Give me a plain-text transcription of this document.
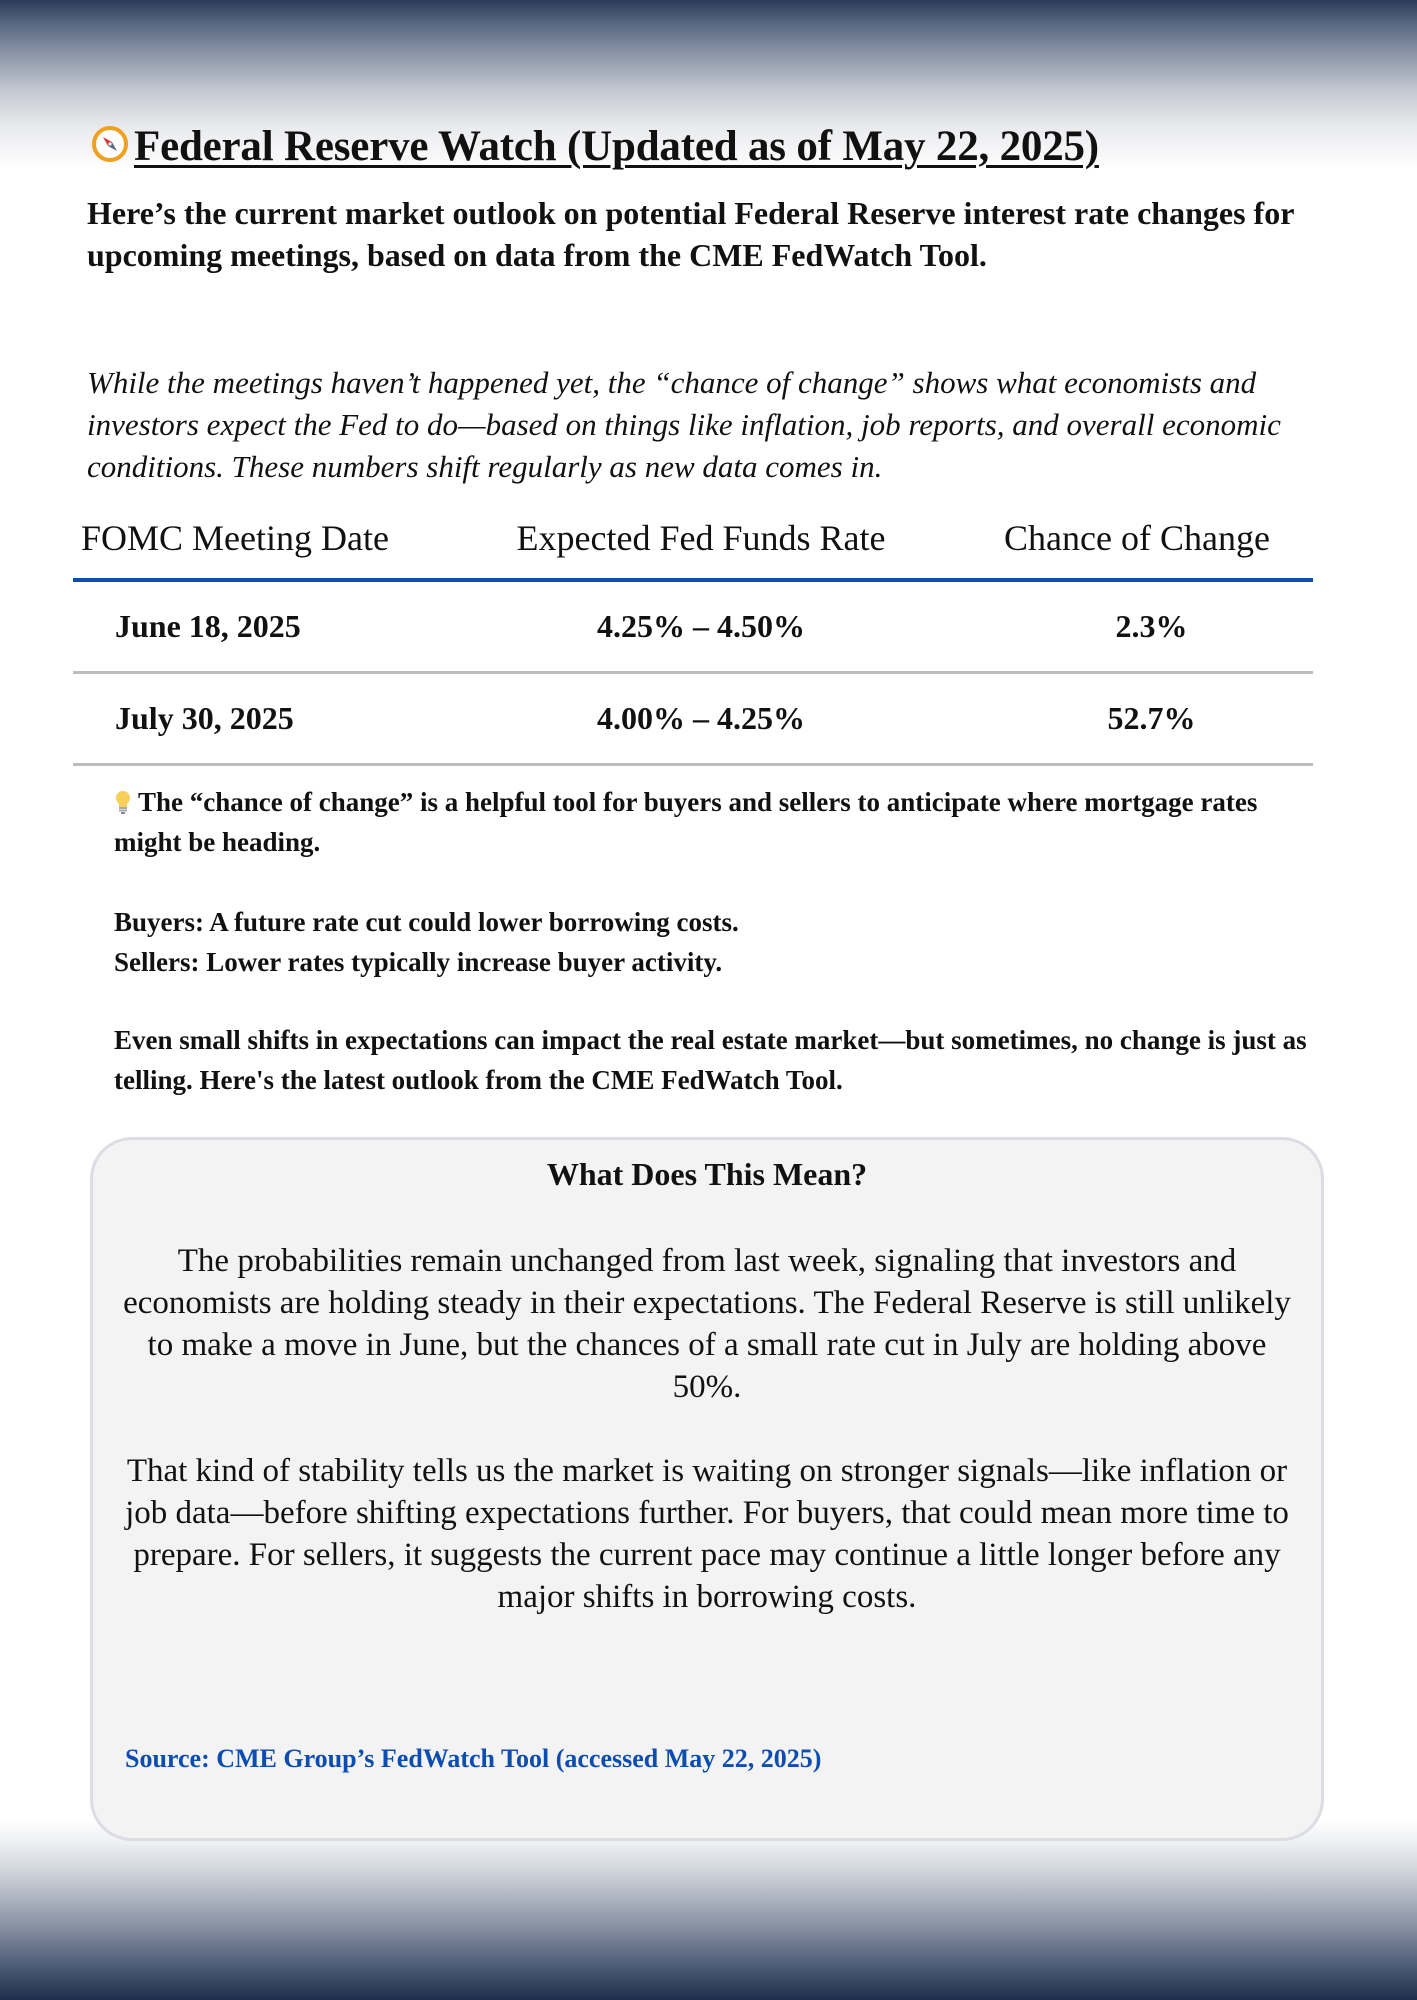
Federal Reserve Watch (Updated as of May 22, 2025)
Here’s the current market outlook on potential Federal Reserve interest rate changes for upcoming meetings, based on data from the CME FedWatch Tool.
While the meetings haven’t happened yet, the “chance of change” shows what economists and investors expect the Fed to do—based on things like inflation, job reports, and overall economic conditions. These numbers shift regularly as new data comes in.
FOMC Meeting Date	Expected Fed Funds Rate	Chance of Change
June 18, 2025	4.25% – 4.50%	2.3%
July 30, 2025	4.00% – 4.25%	52.7%
The “chance of change” is a helpful tool for buyers and sellers to anticipate where mortgage rates might be heading.
Buyers: A future rate cut could lower borrowing costs.
Sellers: Lower rates typically increase buyer activity.
Even small shifts in expectations can impact the real estate market—but sometimes, no change is just as telling. Here's the latest outlook from the CME FedWatch Tool.
What Does This Mean?
The probabilities remain unchanged from last week, signaling that investors and economists are holding steady in their expectations. The Federal Reserve is still unlikely to make a move in June, but the chances of a small rate cut in July are holding above 50%.
That kind of stability tells us the market is waiting on stronger signals—like inflation or job data—before shifting expectations further. For buyers, that could mean more time to prepare. For sellers, it suggests the current pace may continue a little longer before any major shifts in borrowing costs.
Source: CME Group’s FedWatch Tool (accessed May 22, 2025)
